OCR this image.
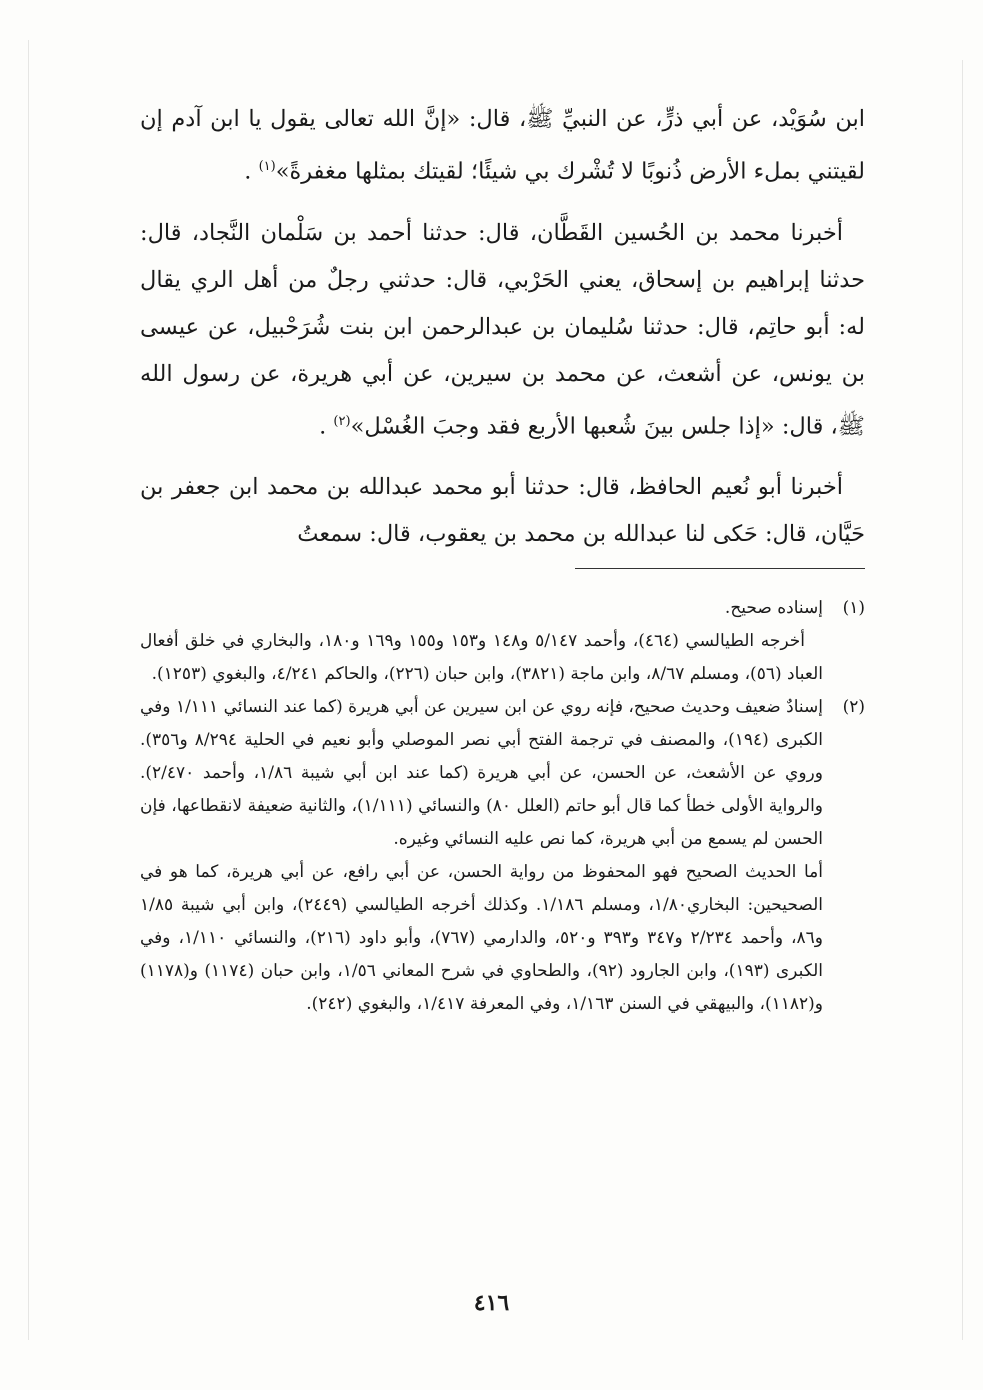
ابن سُوَيْد، عن أبي ذرٍّ، عن النبيِّ ﷺ، قال: «إنَّ الله تعالى يقول يا ابن آدم إن لقيتني بملء الأرض ذُنوبًا لا تُشْرك بي شيئًا؛ لقيتك بمثلها مغفرةً»$^{(١)}$ .

أخبرنا محمد بن الحُسين القَطَّان، قال: حدثنا أحمد بن سَلْمان النَّجاد، قال: حدثنا إبراهيم بن إسحاق، يعني الحَرْبي، قال: حدثني رجلٌ من أهل الري يقال له: أبو حاتِم، قال: حدثنا سُليمان بن عبدالرحمن ابن بنت شُرَحْبيل، عن عيسى بن يونس، عن أشعث، عن محمد بن سيرين، عن أبي هريرة، عن رسول الله ﷺ، قال: «إذا جلس بينَ شُعبها الأربع فقد وجبَ الغُسْل»$^{(٢)}$ .

أخبرنا أبو نُعيم الحافظ، قال: حدثنا أبو محمد عبدالله بن محمد ابن جعفر بن حَيَّان، قال: حَكى لنا عبدالله بن محمد بن يعقوب، قال: سمعتُ

(١)
إسناده صحيح.
أخرجه الطيالسي (٤٦٤)، وأحمد ٥/١٤٧ و١٤٨ و١٥٣ و١٥٥ و١٦٩ و١٨٠، والبخاري في خلق أفعال العباد (٥٦)، ومسلم ٨/٦٧، وابن ماجة (٣٨٢١)، وابن حبان (٢٢٦)، والحاكم ٤/٢٤١، والبغوي (١٢٥٣).
(٢)
إسنادٌ ضعيف وحديث صحيح، فإنه روي عن ابن سيرين عن أبي هريرة (كما عند النسائي ١/١١١ وفي الكبرى (١٩٤)، والمصنف في ترجمة الفتح أبي نصر الموصلي وأبو نعيم في الحلية ٨/٢٩٤ و٣٥٦). وروي عن الأشعث، عن الحسن، عن أبي هريرة (كما عند ابن أبي شيبة ١/٨٦، وأحمد ٢/٤٧٠). والرواية الأولى خطأ كما قال أبو حاتم (العلل ٨٠) والنسائي (١/١١١)، والثانية ضعيفة لانقطاعها، فإن الحسن لم يسمع من أبي هريرة، كما نص عليه النسائي وغيره.
أما الحديث الصحيح فهو المحفوظ من رواية الحسن، عن أبي رافع، عن أبي هريرة، كما هو في الصحيحين: البخاري١/٨٠، ومسلم ١/١٨٦. وكذلك أخرجه الطيالسي (٢٤٤٩)، وابن أبي شيبة ١/٨٥ و٨٦، وأحمد ٢/٢٣٤ و٣٤٧ و٣٩٣ و٥٢٠، والدارمي (٧٦٧)، وأبو داود (٢١٦)، والنسائي ١/١١٠، وفي الكبرى (١٩٣)، وابن الجارود (٩٢)، والطحاوي في شرح المعاني ١/٥٦، وابن حبان (١١٧٤) و(١١٧٨) و(١١٨٢)، والبيهقي في السنن ١/١٦٣، وفي المعرفة ١/٤١٧، والبغوي (٢٤٢).
٤١٦
